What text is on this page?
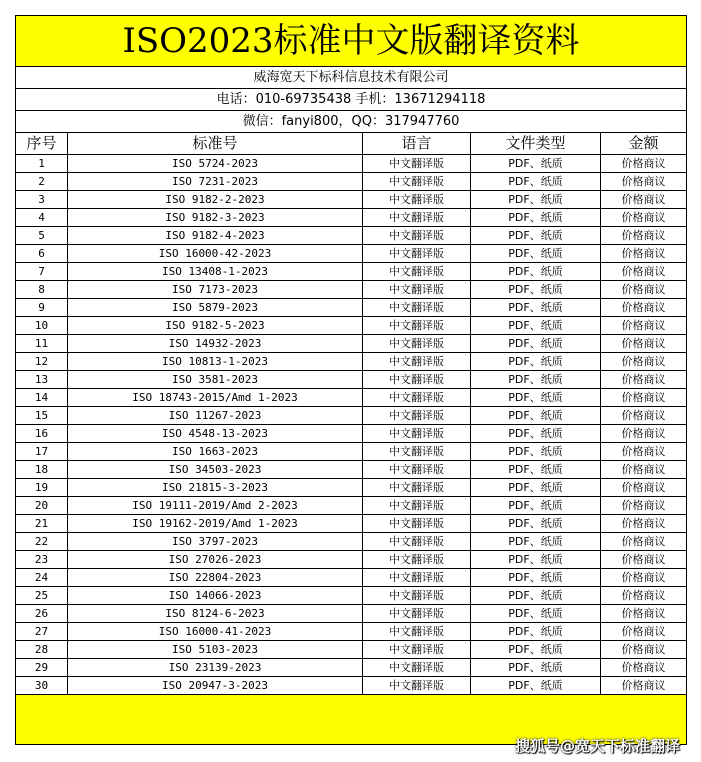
ISO2023标准中文版翻译资料				
威海宽天下标科信息技术有限公司				
电话：010-69735438 手机：13671294118				
微信：fanyi800，QQ：317947760				
序号	标准号	语言	文件类型	金额
1	ISO 5724-2023	中文翻译版	PDF、纸质	价格商议
2	ISO 7231-2023	中文翻译版	PDF、纸质	价格商议
3	ISO 9182-2-2023	中文翻译版	PDF、纸质	价格商议
4	ISO 9182-3-2023	中文翻译版	PDF、纸质	价格商议
5	ISO 9182-4-2023	中文翻译版	PDF、纸质	价格商议
6	ISO 16000-42-2023	中文翻译版	PDF、纸质	价格商议
7	ISO 13408-1-2023	中文翻译版	PDF、纸质	价格商议
8	ISO 7173-2023	中文翻译版	PDF、纸质	价格商议
9	ISO 5879-2023	中文翻译版	PDF、纸质	价格商议
10	ISO 9182-5-2023	中文翻译版	PDF、纸质	价格商议
11	ISO 14932-2023	中文翻译版	PDF、纸质	价格商议
12	ISO 10813-1-2023	中文翻译版	PDF、纸质	价格商议
13	ISO 3581-2023	中文翻译版	PDF、纸质	价格商议
14	ISO 18743-2015/Amd 1-2023	中文翻译版	PDF、纸质	价格商议
15	ISO 11267-2023	中文翻译版	PDF、纸质	价格商议
16	ISO 4548-13-2023	中文翻译版	PDF、纸质	价格商议
17	ISO 1663-2023	中文翻译版	PDF、纸质	价格商议
18	ISO 34503-2023	中文翻译版	PDF、纸质	价格商议
19	ISO 21815-3-2023	中文翻译版	PDF、纸质	价格商议
20	ISO 19111-2019/Amd 2-2023	中文翻译版	PDF、纸质	价格商议
21	ISO 19162-2019/Amd 1-2023	中文翻译版	PDF、纸质	价格商议
22	ISO 3797-2023	中文翻译版	PDF、纸质	价格商议
23	ISO 27026-2023	中文翻译版	PDF、纸质	价格商议
24	ISO 22804-2023	中文翻译版	PDF、纸质	价格商议
25	ISO 14066-2023	中文翻译版	PDF、纸质	价格商议
26	ISO 8124-6-2023	中文翻译版	PDF、纸质	价格商议
27	ISO 16000-41-2023	中文翻译版	PDF、纸质	价格商议
28	ISO 5103-2023	中文翻译版	PDF、纸质	价格商议
29	ISO 23139-2023	中文翻译版	PDF、纸质	价格商议
30	ISO 20947-3-2023	中文翻译版	PDF、纸质	价格商议

搜狐号@宽天下标准翻译
